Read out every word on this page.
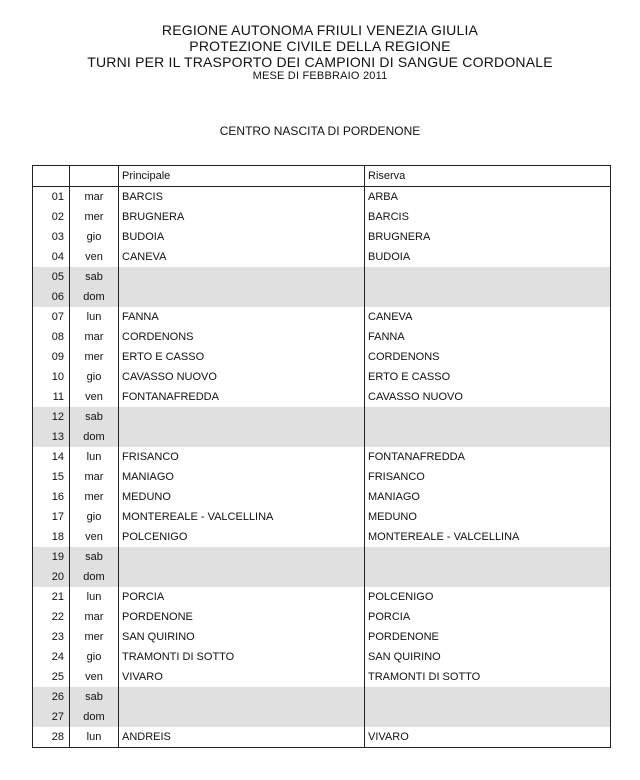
REGIONE AUTONOMA FRIULI VENEZIA GIULIA
PROTEZIONE CIVILE DELLA REGIONE
TURNI PER IL TRASPORTO DEI CAMPIONI DI SANGUE CORDONALE
MESE DI FEBBRAIO 2011
CENTRO NASCITA DI PORDENONE
		Principale	Riserva
01	mar	BARCIS	ARBA
02	mer	BRUGNERA	BARCIS
03	gio	BUDOIA	BRUGNERA
04	ven	CANEVA	BUDOIA
05	sab		
06	dom		
07	lun	FANNA	CANEVA
08	mar	CORDENONS	FANNA
09	mer	ERTO E CASSO	CORDENONS
10	gio	CAVASSO NUOVO	ERTO E CASSO
11	ven	FONTANAFREDDA	CAVASSO NUOVO
12	sab		
13	dom		
14	lun	FRISANCO	FONTANAFREDDA
15	mar	MANIAGO	FRISANCO
16	mer	MEDUNO	MANIAGO
17	gio	MONTEREALE - VALCELLINA	MEDUNO
18	ven	POLCENIGO	MONTEREALE - VALCELLINA
19	sab		
20	dom		
21	lun	PORCIA	POLCENIGO
22	mar	PORDENONE	PORCIA
23	mer	SAN QUIRINO	PORDENONE
24	gio	TRAMONTI DI SOTTO	SAN QUIRINO
25	ven	VIVARO	TRAMONTI DI SOTTO
26	sab		
27	dom		
28	lun	ANDREIS	VIVARO
